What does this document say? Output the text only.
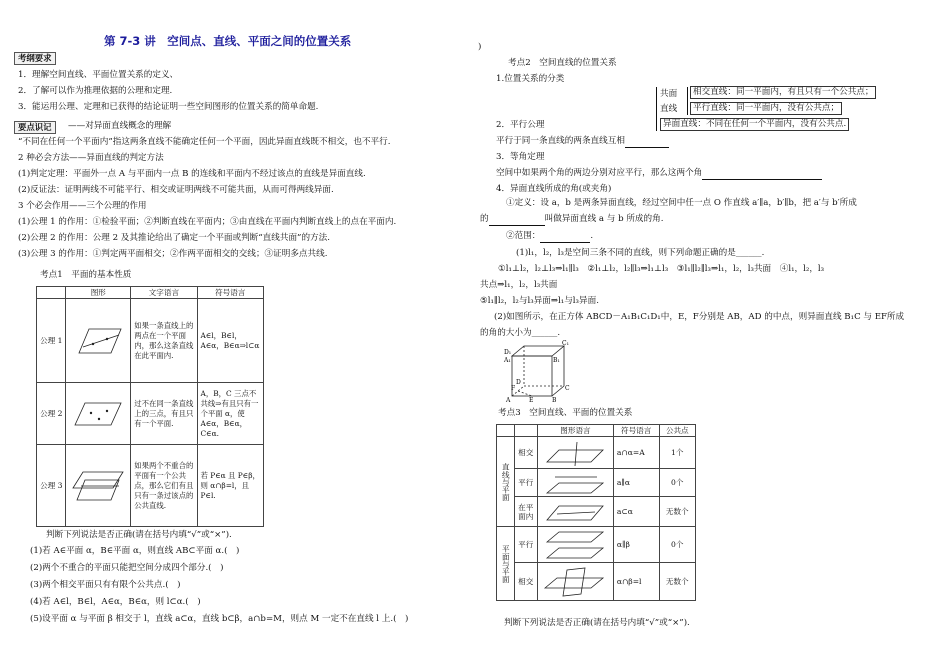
第 7-3 讲　空间点、直线、平面之间的位置关系
考纲要求
1．理解空间直线、平面位置关系的定义、
2．了解可以作为推理依据的公理和定理.
3．能运用公理、定理和已获得的结论证明一些空间图形的位置关系的简单命题.
要点识记	——对异面直线概念的理解
“不同在任何一个平面内”指这两条直线不能确定任何一个平面，因此异面直线既不相交，也不平行.
2 种必会方法——异面直线的判定方法
(1)判定定理：平面外一点 A 与平面内一点 B 的连线和平面内不经过该点的直线是异面直线.
(2)反证法：证明两线不可能平行、相交或证明两线不可能共面，从而可得两线异面.
3 个必会作用——三个公理的作用
(1)公理 1 的作用：①检验平面；②判断直线在平面内；③由直线在平面内判断直线上的点在平面内.
(2)公理 2 的作用：公理 2 及其推论给出了确定一个平面或判断“直线共面”的方法.
(3)公理 3 的作用：①判定两平面相交；②作两平面相交的交线；③证明多点共线.
考点1　平面的基本性质
	图形	文字语言	符号语言
公理 1		如果一条直线上的两点在一个平面内，那么这条直线在此平面内.	A∈l，B∈l，A∈α，B∈α⇒l⊂α
公理 2		过不在同一条直线上的三点，有且只有一个平面.	A，B，C 三点不共线⇒有且只有一个平面 α，使 A∈α，B∈α，C∈α.
公理 3		如果两个不重合的平面有一个公共点，那么它们有且只有一条过该点的公共直线.	若 P∈α 且 P∈β，则 α∩β=l，且 P∈l.
判断下列说法是否正确(请在括号内填“√”或“×”).
(1)若 A∈平面 α，B∈平面 α，则直线 AB⊂平面 α.(　)
(2)两个不重合的平面只能把空间分成四个部分.(　)
(3)两个相交平面只有有限个公共点.(　)
(4)若 A∈l，B∈l，A∈α，B∈α，则 l⊂α.(　)
(5)设平面 α 与平面 β 相交于 l，直线 a⊂α，直线 b⊂β，a∩b=M，则点 M 一定不在直线 l 上.(　)
)
考点2　空间直线的位置关系
1.位置关系的分类
共面
直线
相交直线：同一平面内，有且只有一个公共点；
平行直线：同一平面内，没有公共点；
异面直线：不同在任何一个平面内，没有公共点.
2．平行公理
平行于同一条直线的两条直线互相
3．等角定理
空间中如果两个角的两边分别对应平行，那么这两个角
4．异面直线所成的角(或夹角)
①定义：设 a，b 是两条异面直线，经过空间中任一点 O 作直线 a′∥a，b′∥b，把 a′与 b′所成
的	叫做异面直线 a 与 b 所成的角.
②范围：	.
(1)l₁，l₂，l₃是空间三条不同的直线，则下列命题正确的是______.
①l₁⊥l₂，l₂⊥l₃⇒l₁∥l₃　②l₁⊥l₂，l₂∥l₃⇒l₁⊥l₃　③l₁∥l₂∥l₃⇒l₁，l₂，l₃共面　④l₁，l₂，l₃
共点⇒l₁，l₂，l₃共面
⑤l₁∥l₂，l₂与l₃异面⇒l₁与l₃异面.
(2)如图所示，在正方体 ABCD－A₁B₁C₁D₁中，E，F分别是 AB，AD 的中点，则异面直线 B₁C 与 EF所成
的角的大小为______.
D₁
C₁
A₁	B₁
D
C
F
A	E	B
考点3　空间直线、平面的位置关系
		图形语言	符号语言	公共点
直线与平面	相交		a∩α=A	1个
	平行		a∥α	0个
	在平面内		a⊂α	无数个
平面与平面	平行		α∥β	0个
	相交		α∩β=l	无数个
判断下列说法是否正确(请在括号内填“√”或“×”).
